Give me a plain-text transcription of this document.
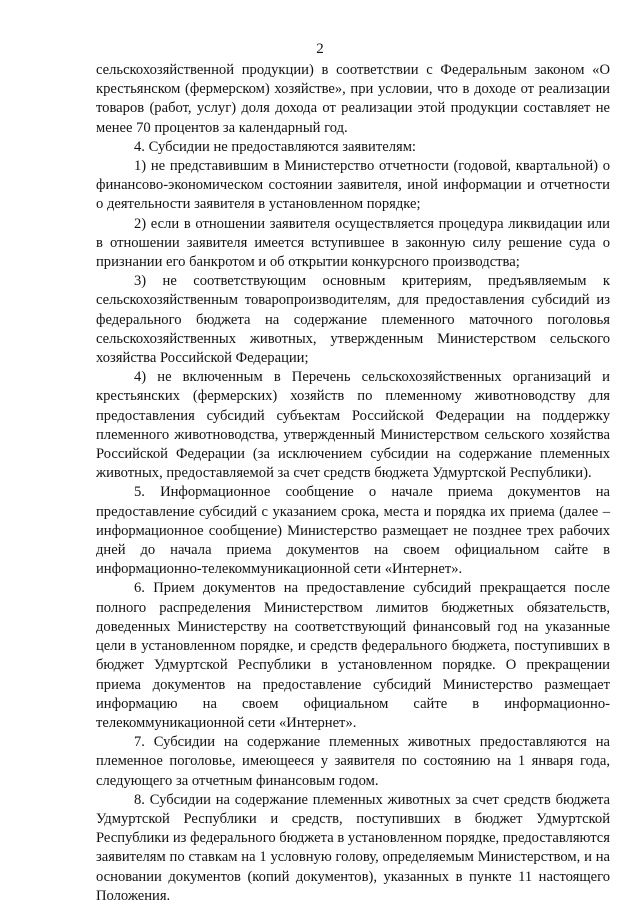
2

сельскохозяйственной продукции) в соответствии с Федеральным законом «О крестьянском (фермерском) хозяйстве», при условии, что в доходе от реализации товаров (работ, услуг) доля дохода от реализации этой продукции составляет не менее 70 процентов за календарный год.

4. Субсидии не предоставляются заявителям:

1) не представившим в Министерство отчетности (годовой, квартальной) о финансово-экономическом состоянии заявителя, иной информации и отчетности о деятельности заявителя в установленном порядке;

2) если в отношении заявителя осуществляется процедура ликвидации или в отношении заявителя имеется вступившее в законную силу решение суда о признании его банкротом и об открытии конкурсного производства;

3) не соответствующим основным критериям, предъявляемым к сельскохозяйственным товаропроизводителям, для предоставления субсидий из федерального бюджета на содержание племенного маточного поголовья сельскохозяйственных животных, утвержденным Министерством сельского хозяйства Российской Федерации;

4) не включенным в Перечень сельскохозяйственных организаций и крестьянских (фермерских) хозяйств по племенному животноводству для предоставления субсидий субъектам Российской Федерации на поддержку племенного животноводства, утвержденный Министерством сельского хозяйства Российской Федерации (за исключением субсидии на содержание племенных животных, предоставляемой за счет средств бюджета Удмуртской Республики).

5. Информационное сообщение о начале приема документов на предоставление субсидий с указанием срока, места и порядка их приема (далее – информационное сообщение) Министерство размещает не позднее трех рабочих дней до начала приема документов на своем официальном сайте в информационно-телекоммуникационной сети «Интернет».

6. Прием документов на предоставление субсидий прекращается после полного распределения Министерством лимитов бюджетных обязательств, доведенных Министерству на соответствующий финансовый год на указанные цели в установленном порядке, и средств федерального бюджета, поступивших в бюджет Удмуртской Республики в установленном порядке. О прекращении приема документов на предоставление субсидий Министерство размещает информацию на своем официальном сайте в информационно-телекоммуникационной сети «Интернет».

7. Субсидии на содержание племенных животных предоставляются на племенное поголовье, имеющееся у заявителя по состоянию на 1 января года, следующего за отчетным финансовым годом.

8. Субсидии на содержание племенных животных за счет средств бюджета Удмуртской Республики и средств, поступивших в бюджет Удмуртской Республики из федерального бюджета в установленном порядке, предоставляются заявителям по ставкам на 1 условную голову, определяемым Министерством, и на основании документов (копий документов), указанных в пункте 11 настоящего Положения.
